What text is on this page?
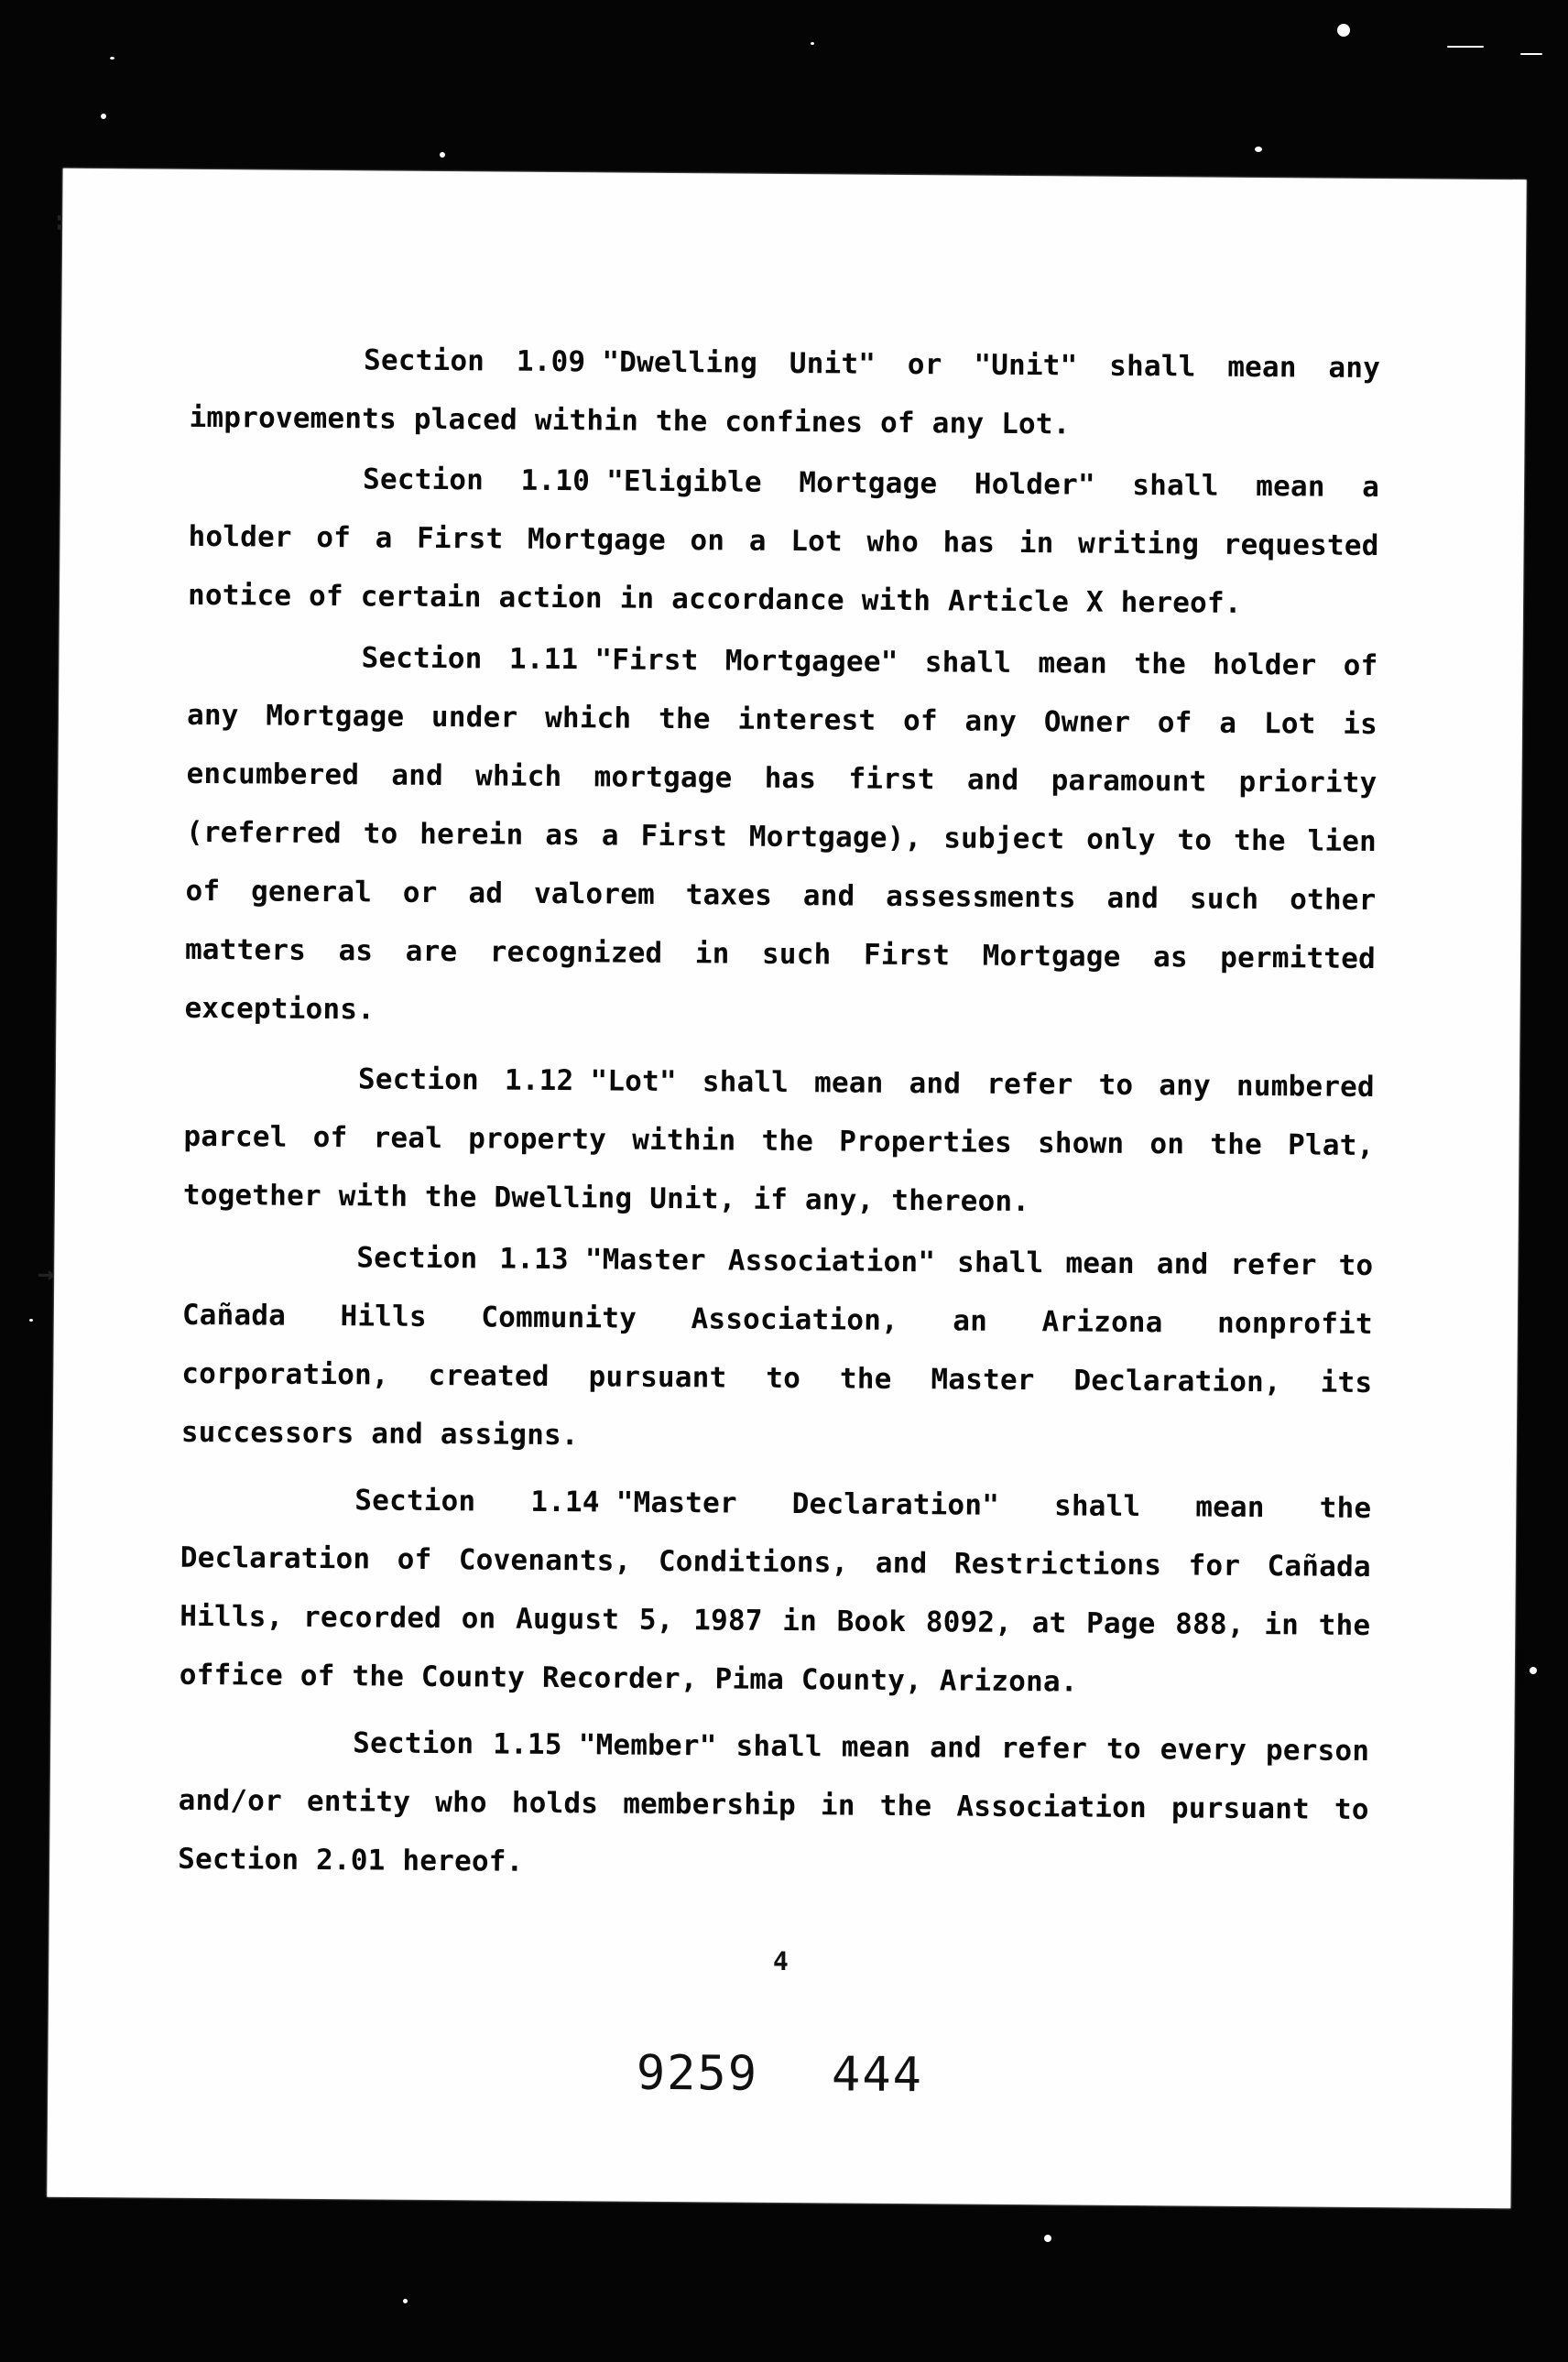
:
→
Section 1.09 "Dwelling Unit" or "Unit" shall mean any improvements placed within the confines of any Lot.
Section 1.10 "Eligible Mortgage Holder" shall mean a holder of a First Mortgage on a Lot who has in writing requested notice of certain action in accordance with Article X hereof.
Section 1.11 "First Mortgagee" shall mean the holder of any Mortgage under which the interest of any Owner of a Lot is encumbered and which mortgage has first and paramount priority (referred to herein as a First Mortgage), subject only to the lien of general or ad valorem taxes and assessments and such other matters as are recognized in such First Mortgage as permitted exceptions.
Section 1.12 "Lot" shall mean and refer to any numbered parcel of real property within the Properties shown on the Plat, together with the Dwelling Unit, if any, thereon.
Section 1.13 "Master Association" shall mean and refer to Cañada Hills Community Association, an Arizona nonprofit corporation, created pursuant to the Master Declaration, its successors and assigns.
Section 1.14 "Master Declaration" shall mean the Declaration of Covenants, Conditions, and Restrictions for Cañada Hills, recorded on August 5, 1987 in Book 8092, at Page 888, in the office of the County Recorder, Pima County, Arizona.
Section 1.15 "Member" shall mean and refer to every person and/or entity who holds membership in the Association pursuant to Section 2.01 hereof.
4
9259 444
